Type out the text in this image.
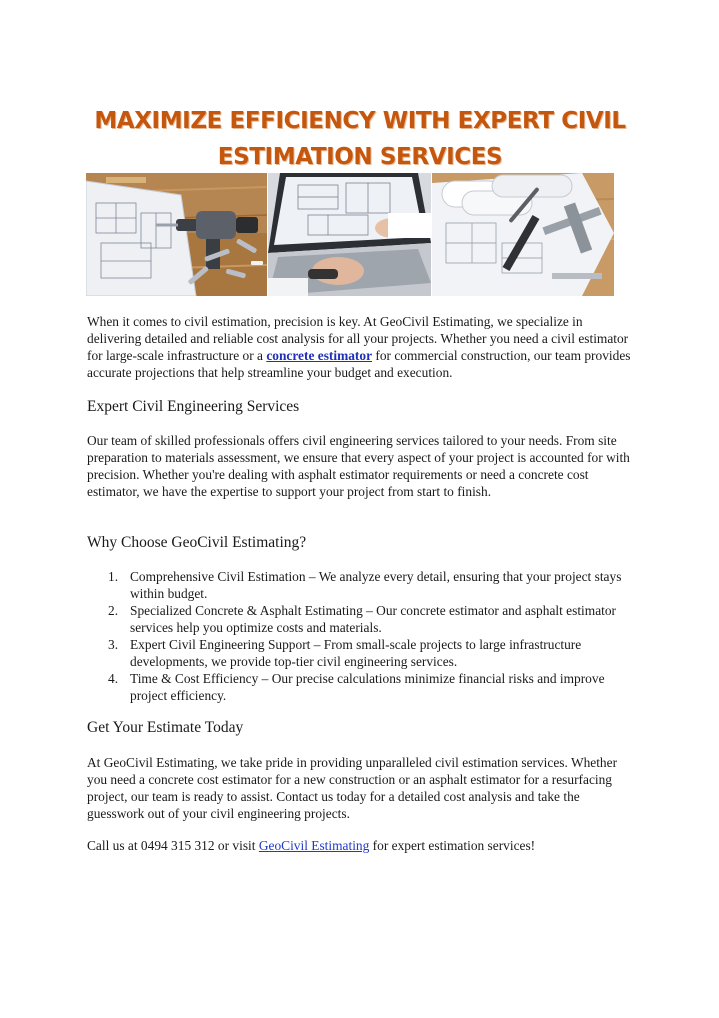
MAXIMIZE EFFICIENCY WITH EXPERT CIVIL
ESTIMATION SERVICES

When it comes to civil estimation, precision is key. At GeoCivil Estimating, we specialize in delivering detailed and reliable cost analysis for all your projects. Whether you need a civil estimator for large-scale infrastructure or a concrete estimator for commercial construction, our team provides accurate projections that help streamline your budget and execution.

Expert Civil Engineering Services

Our team of skilled professionals offers civil engineering services tailored to your needs. From site preparation to materials assessment, we ensure that every aspect of your project is accounted for with precision. Whether you're dealing with asphalt estimator requirements or need a concrete cost estimator, we have the expertise to support your project from start to finish.

Why Choose GeoCivil Estimating?
1. Comprehensive Civil Estimation – We analyze every detail, ensuring that your project stays within budget.
2. Specialized Concrete & Asphalt Estimating – Our concrete estimator and asphalt estimator services help you optimize costs and materials.
3. Expert Civil Engineering Support – From small-scale projects to large infrastructure developments, we provide top-tier civil engineering services.
4. Time & Cost Efficiency – Our precise calculations minimize financial risks and improve project efficiency.
Get Your Estimate Today

At GeoCivil Estimating, we take pride in providing unparalleled civil estimation services. Whether you need a concrete cost estimator for a new construction or an asphalt estimator for a resurfacing project, our team is ready to assist. Contact us today for a detailed cost analysis and take the guesswork out of your civil engineering projects.

Call us at 0494 315 312 or visit GeoCivil Estimating for expert estimation services!
